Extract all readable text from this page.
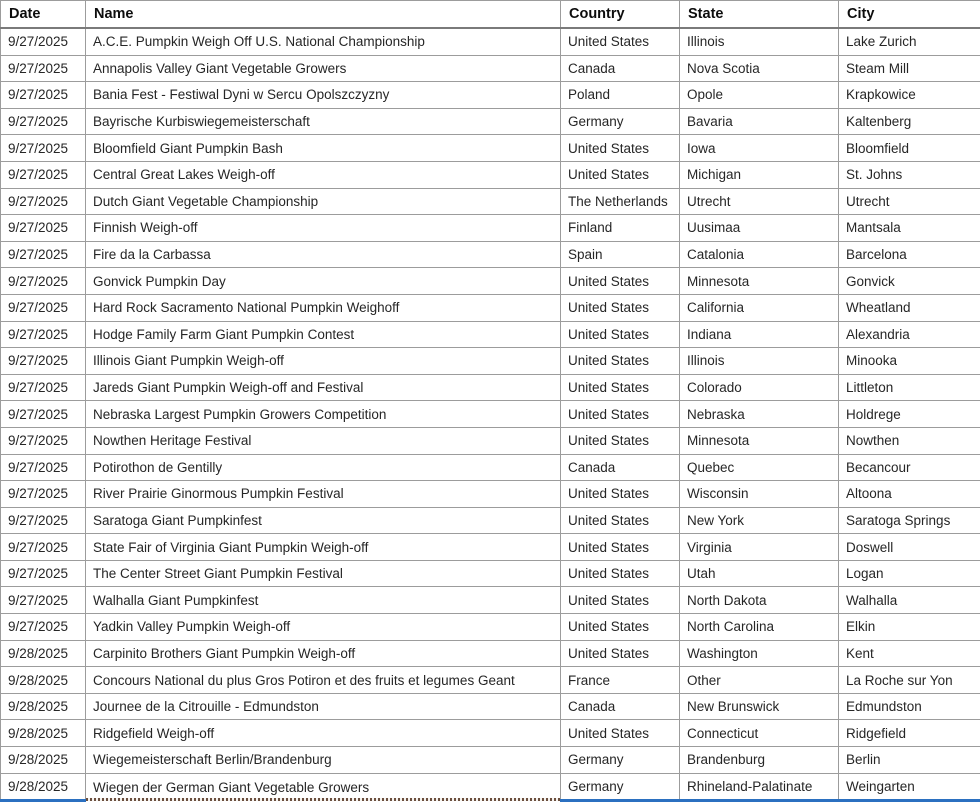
Date	Name	Country	State	City
9/27/2025	A.C.E. Pumpkin Weigh Off U.S. National Championship	United States	Illinois	Lake Zurich
9/27/2025	Annapolis Valley Giant Vegetable Growers	Canada	Nova Scotia	Steam Mill
9/27/2025	Bania Fest - Festiwal Dyni w Sercu Opolszczyzny	Poland	Opole	Krapkowice
9/27/2025	Bayrische Kurbiswiegemeisterschaft	Germany	Bavaria	Kaltenberg
9/27/2025	Bloomfield Giant Pumpkin Bash	United States	Iowa	Bloomfield
9/27/2025	Central Great Lakes Weigh-off	United States	Michigan	St. Johns
9/27/2025	Dutch Giant Vegetable Championship	The Netherlands	Utrecht	Utrecht
9/27/2025	Finnish Weigh-off	Finland	Uusimaa	Mantsala
9/27/2025	Fire da la Carbassa	Spain	Catalonia	Barcelona
9/27/2025	Gonvick Pumpkin Day	United States	Minnesota	Gonvick
9/27/2025	Hard Rock Sacramento National Pumpkin Weighoff	United States	California	Wheatland
9/27/2025	Hodge Family Farm Giant Pumpkin Contest	United States	Indiana	Alexandria
9/27/2025	Illinois Giant Pumpkin Weigh-off	United States	Illinois	Minooka
9/27/2025	Jareds Giant Pumpkin Weigh-off and Festival	United States	Colorado	Littleton
9/27/2025	Nebraska Largest Pumpkin Growers Competition	United States	Nebraska	Holdrege
9/27/2025	Nowthen Heritage Festival	United States	Minnesota	Nowthen
9/27/2025	Potirothon de Gentilly	Canada	Quebec	Becancour
9/27/2025	River Prairie Ginormous Pumpkin Festival	United States	Wisconsin	Altoona
9/27/2025	Saratoga Giant Pumpkinfest	United States	New York	Saratoga Springs
9/27/2025	State Fair of Virginia Giant Pumpkin Weigh-off	United States	Virginia	Doswell
9/27/2025	The Center Street Giant Pumpkin Festival	United States	Utah	Logan
9/27/2025	Walhalla Giant Pumpkinfest	United States	North Dakota	Walhalla
9/27/2025	Yadkin Valley Pumpkin Weigh-off	United States	North Carolina	Elkin
9/28/2025	Carpinito Brothers Giant Pumpkin Weigh-off	United States	Washington	Kent
9/28/2025	Concours National du plus Gros Potiron et des fruits et legumes Geant	France	Other	La Roche sur Yon
9/28/2025	Journee de la Citrouille - Edmundston	Canada	New Brunswick	Edmundston
9/28/2025	Ridgefield Weigh-off	United States	Connecticut	Ridgefield
9/28/2025	Wiegemeisterschaft Berlin/Brandenburg	Germany	Brandenburg	Berlin
9/28/2025	Wiegen der German Giant Vegetable Growers	Germany	Rhineland-Palatinate	Weingarten
